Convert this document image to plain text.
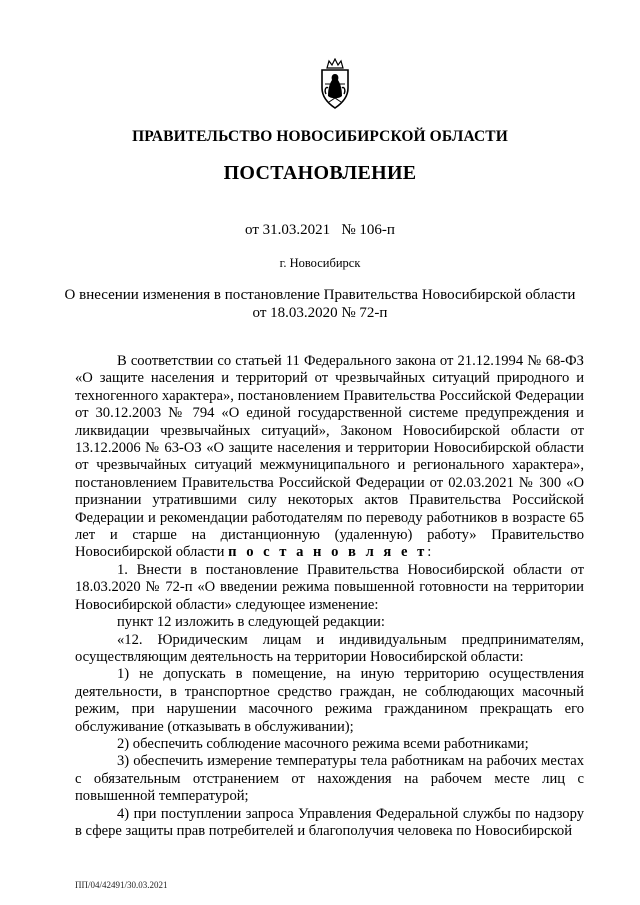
ПРАВИТЕЛЬСТВО НОВОСИБИРСКОЙ ОБЛАСТИ
ПОСТАНОВЛЕНИЕ
от 31.03.2021 № 106-п
г. Новосибирск
О внесении изменения в постановление Правительства Новосибирской области
от 18.03.2020 № 72-п

В соответствии со статьей 11 Федерального закона от 21.12.1994 № 68-ФЗ «О защите населения и территорий от чрезвычайных ситуаций природного и техногенного характера», постановлением Правительства Российской Федерации от 30.12.2003 № 794 «О единой государственной системе предупреждения и ликвидации чрезвычайных ситуаций», Законом Новосибирской области от 13.12.2006 № 63-ОЗ «О защите населения и территории Новосибирской области от чрезвычайных ситуаций межмуниципального и регионального характера», постановлением Правительства Российской Федерации от 02.03.2021 № 300 «О признании утратившими силу некоторых актов Правительства Российской Федерации и рекомендации работодателям по переводу работников в возрасте 65 лет и старше на дистанционную (удаленную) работу» Правительство Новосибирской области п о с т а н о в л я е т:

1. Внести в постановление Правительства Новосибирской области от 18.03.2020 № 72-п «О введении режима повышенной готовности на территории Новосибирской области» следующее изменение:

пункт 12 изложить в следующей редакции:

«12. Юридическим лицам и индивидуальным предпринимателям, осуществляющим деятельность на территории Новосибирской области:

1) не допускать в помещение, на иную территорию осуществления деятельности, в транспортное средство граждан, не соблюдающих масочный режим, при нарушении масочного режима гражданином прекращать его обслуживание (отказывать в обслуживании);

2) обеспечить соблюдение масочного режима всеми работниками;

3) обеспечить измерение температуры тела работникам на рабочих местах с обязательным отстранением от нахождения на рабочем месте лиц с повышенной температурой;

4) при поступлении запроса Управления Федеральной службы по надзору в сфере защиты прав потребителей и благополучия человека по Новосибирской

ПП/04/42491/30.03.2021
